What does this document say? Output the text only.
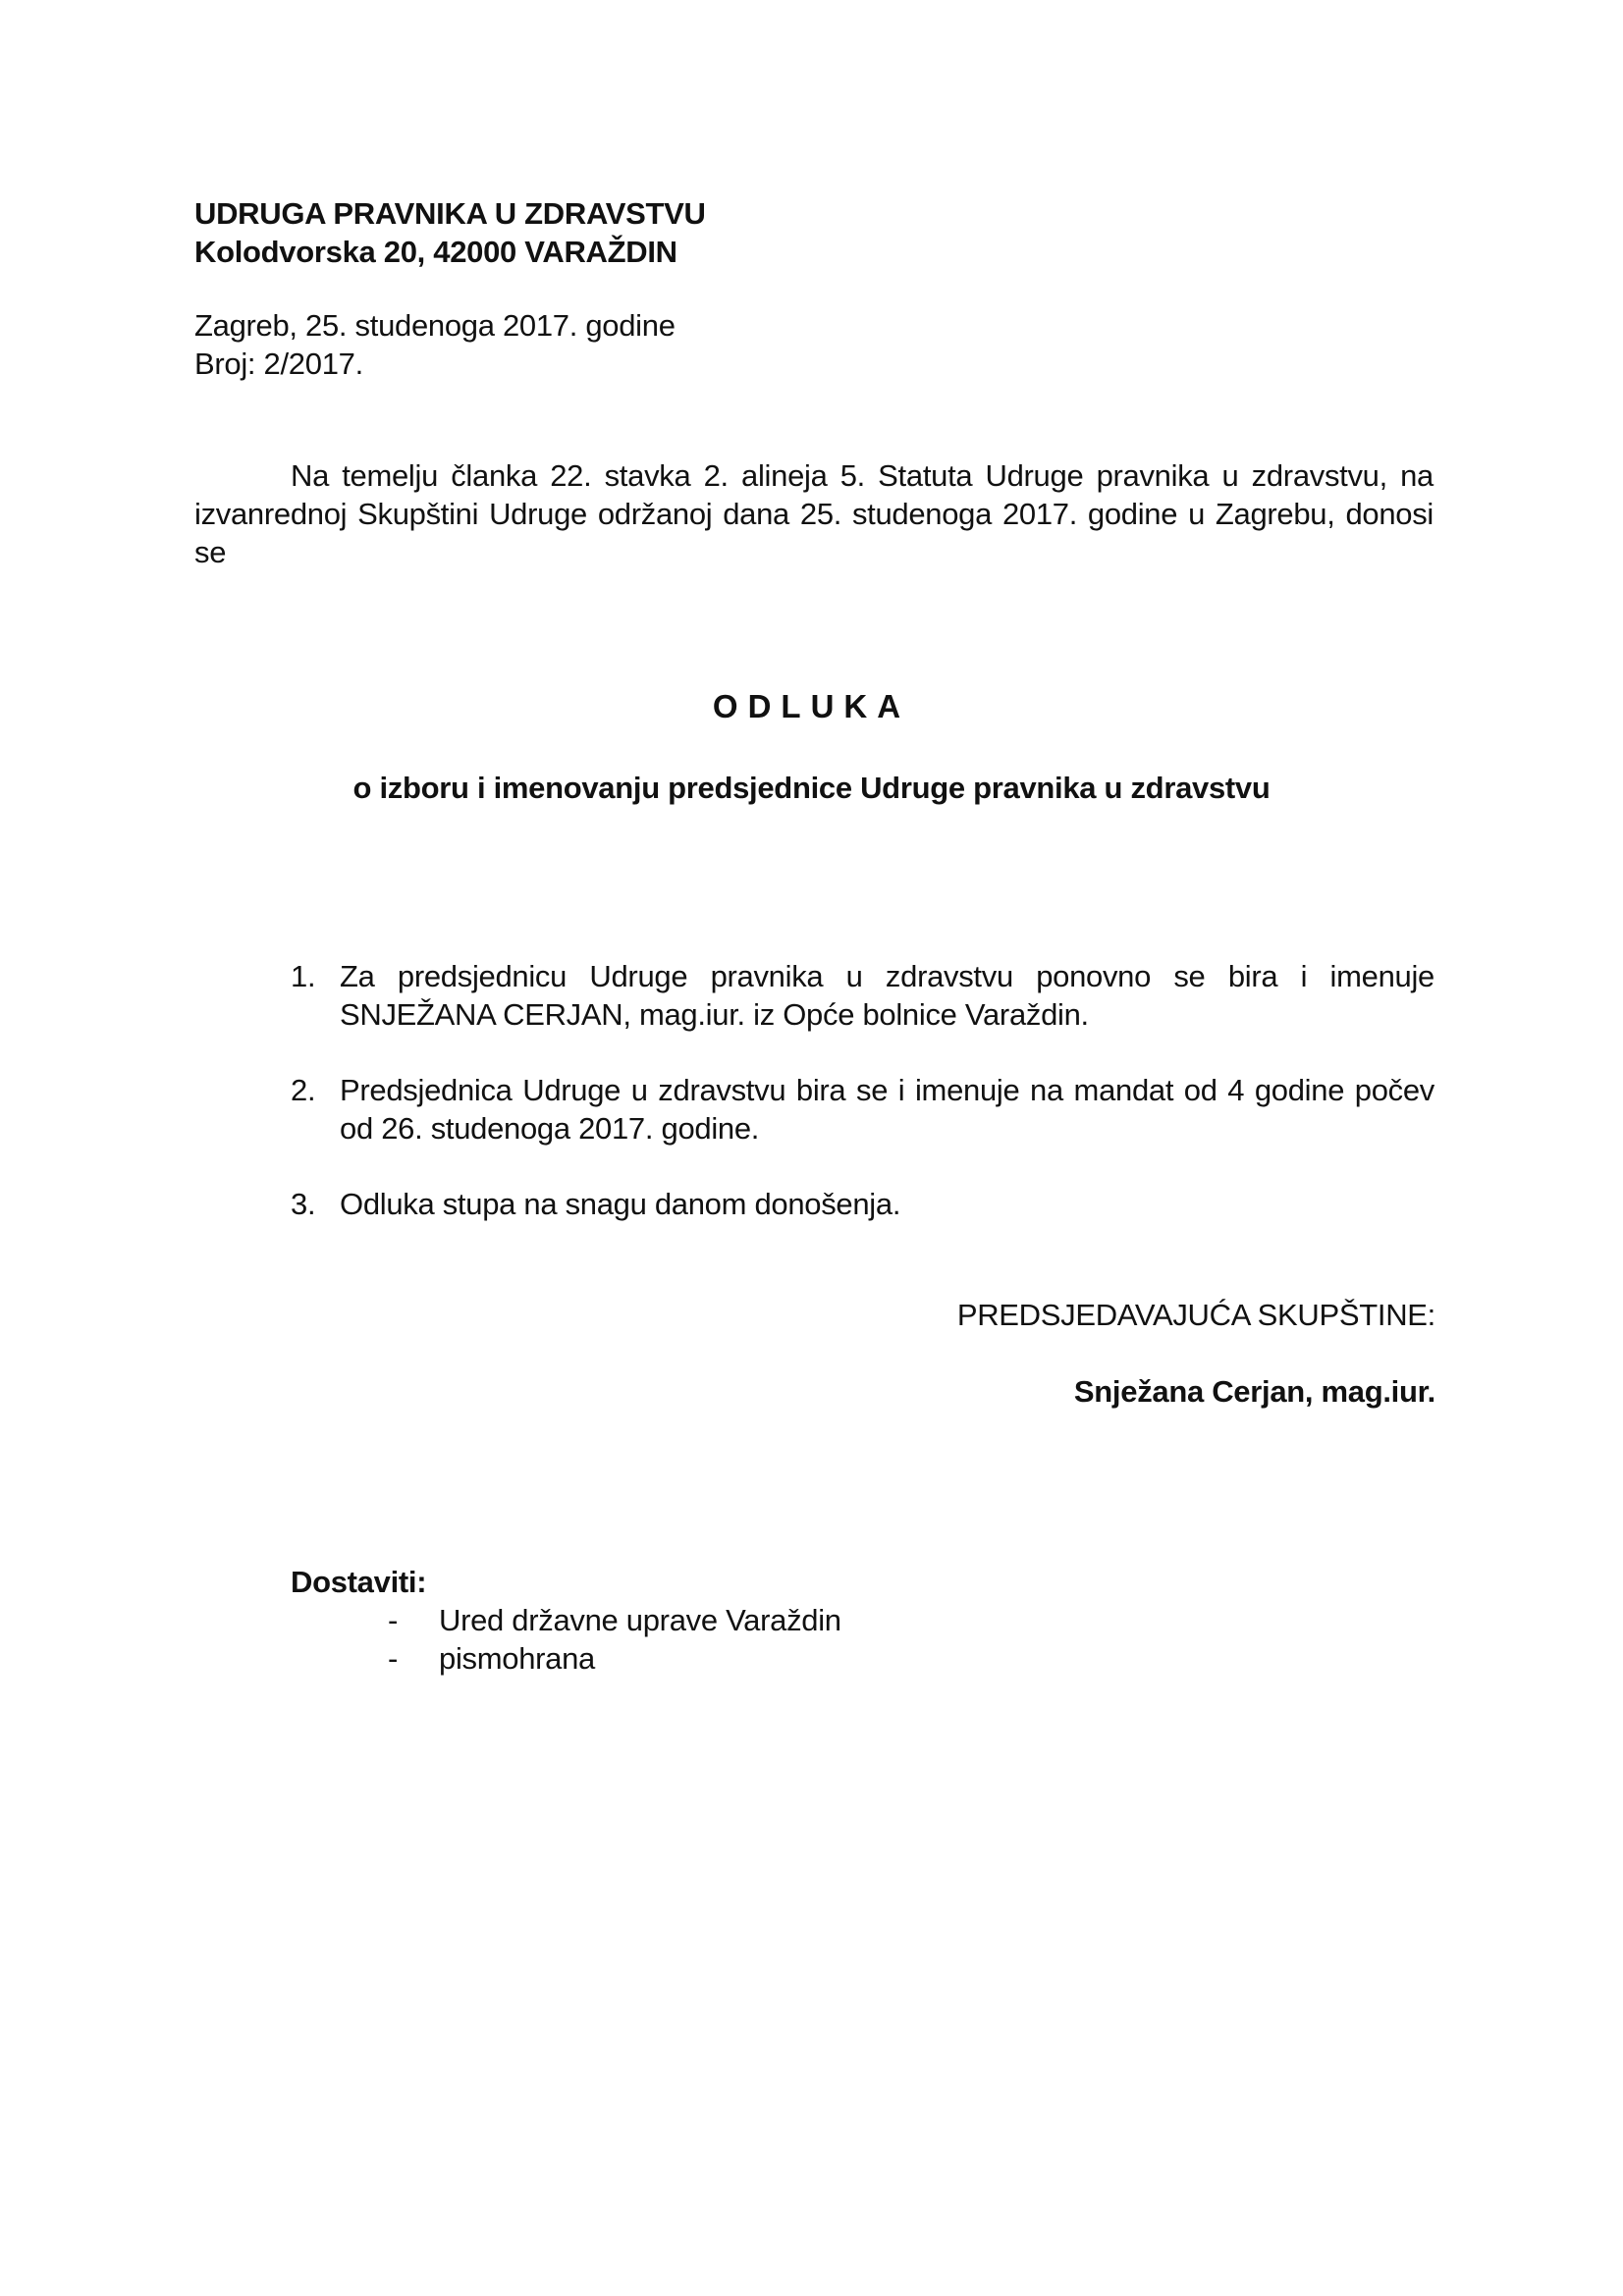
UDRUGA PRAVNIKA U ZDRAVSTVU
Kolodvorska 20, 42000 VARAŽDIN
Zagreb, 25. studenoga 2017. godine
Broj: 2/2017.
Na temelju članka 22. stavka 2. alineja 5. Statuta Udruge pravnika u zdravstvu, na izvanrednoj Skupštini Udruge održanoj dana 25. studenoga 2017. godine u Zagrebu, donosi se
ODLUKA
o izboru i imenovanju predsjednice Udruge pravnika u zdravstvu
1. Za predsjednicu Udruge pravnika u zdravstvu ponovno se bira i imenuje SNJEŽANA CERJAN, mag.iur. iz Opće bolnice Varaždin.
2. Predsjednica Udruge u zdravstvu bira se i imenuje na mandat od 4 godine počev od 26. studenoga 2017. godine.
3. Odluka stupa na snagu danom donošenja.
PREDSJEDAVAJUĆA SKUPŠTINE:
Snježana Cerjan, mag.iur.
Dostaviti:
- Ured državne uprave Varaždin
- pismohrana
